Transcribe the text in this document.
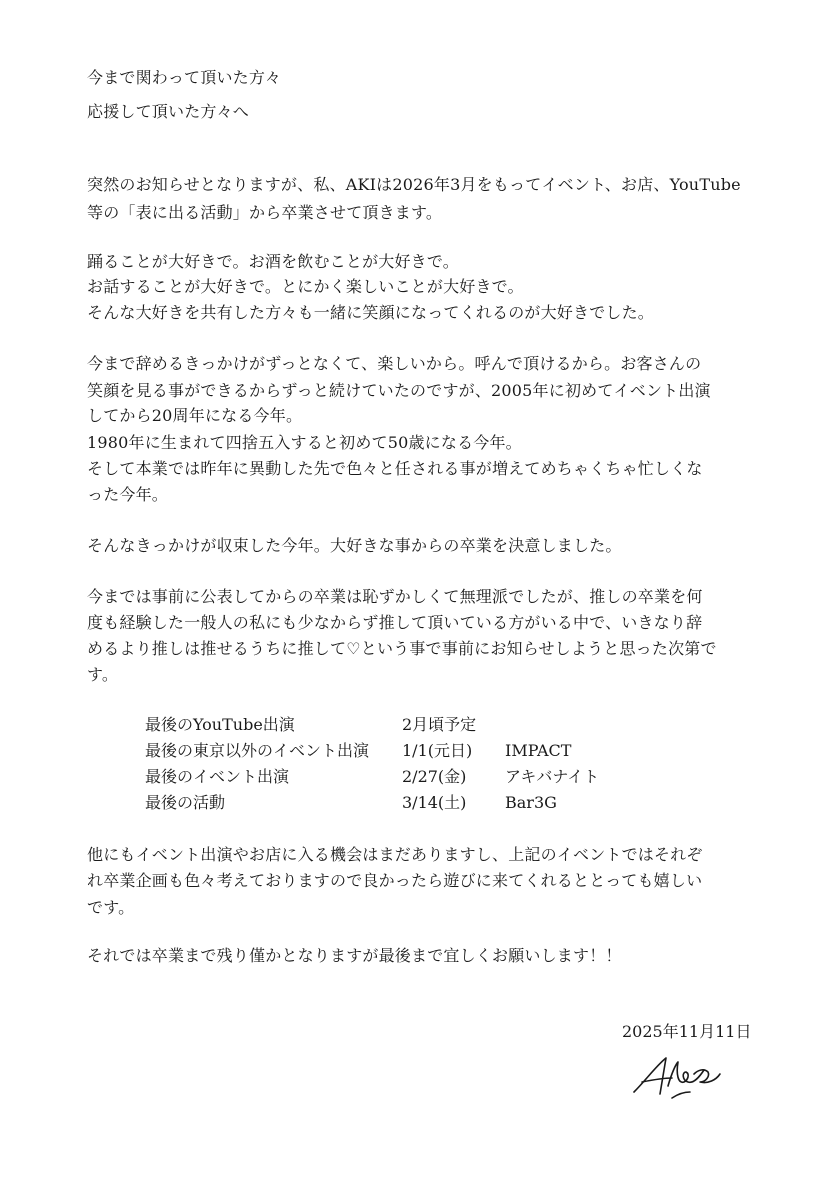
今まで関わって頂いた方々
応援して頂いた方々へ
突然のお知らせとなりますが、私、AKIは2026年3月をもってイベント、お店、YouTube
等の「表に出る活動」から卒業させて頂きます。
踊ることが大好きで。お酒を飲むことが大好きで。
お話することが大好きで。とにかく楽しいことが大好きで。
そんな大好きを共有した方々も一緒に笑顔になってくれるのが大好きでした。
今まで辞めるきっかけがずっとなくて、楽しいから。呼んで頂けるから。お客さんの
笑顔を見る事ができるからずっと続けていたのですが、2005年に初めてイベント出演
してから20周年になる今年。
1980年に生まれて四捨五入すると初めて50歳になる今年。
そして本業では昨年に異動した先で色々と任される事が増えてめちゃくちゃ忙しくな
った今年。
そんなきっかけが収束した今年。大好きな事からの卒業を決意しました。
今までは事前に公表してからの卒業は恥ずかしくて無理派でしたが、推しの卒業を何
度も経験した一般人の私にも少なからず推して頂いている方がいる中で、いきなり辞
めるより推しは推せるうちに推して♡という事で事前にお知らせしようと思った次第で
す。
最後のYouTube出演	2月頃予定
最後の東京以外のイベント出演 1/1(元日) IMPACT
最後のイベント出演	2/27(金) アキバナイト
最後の活動	3/14(土) Bar3G
他にもイベント出演やお店に入る機会はまだありますし、上記のイベントではそれぞ
れ卒業企画も色々考えておりますので良かったら遊びに来てくれるととっても嬉しい
です。
それでは卒業まで残り僅かとなりますが最後まで宜しくお願いします！！
2025年11月11日
